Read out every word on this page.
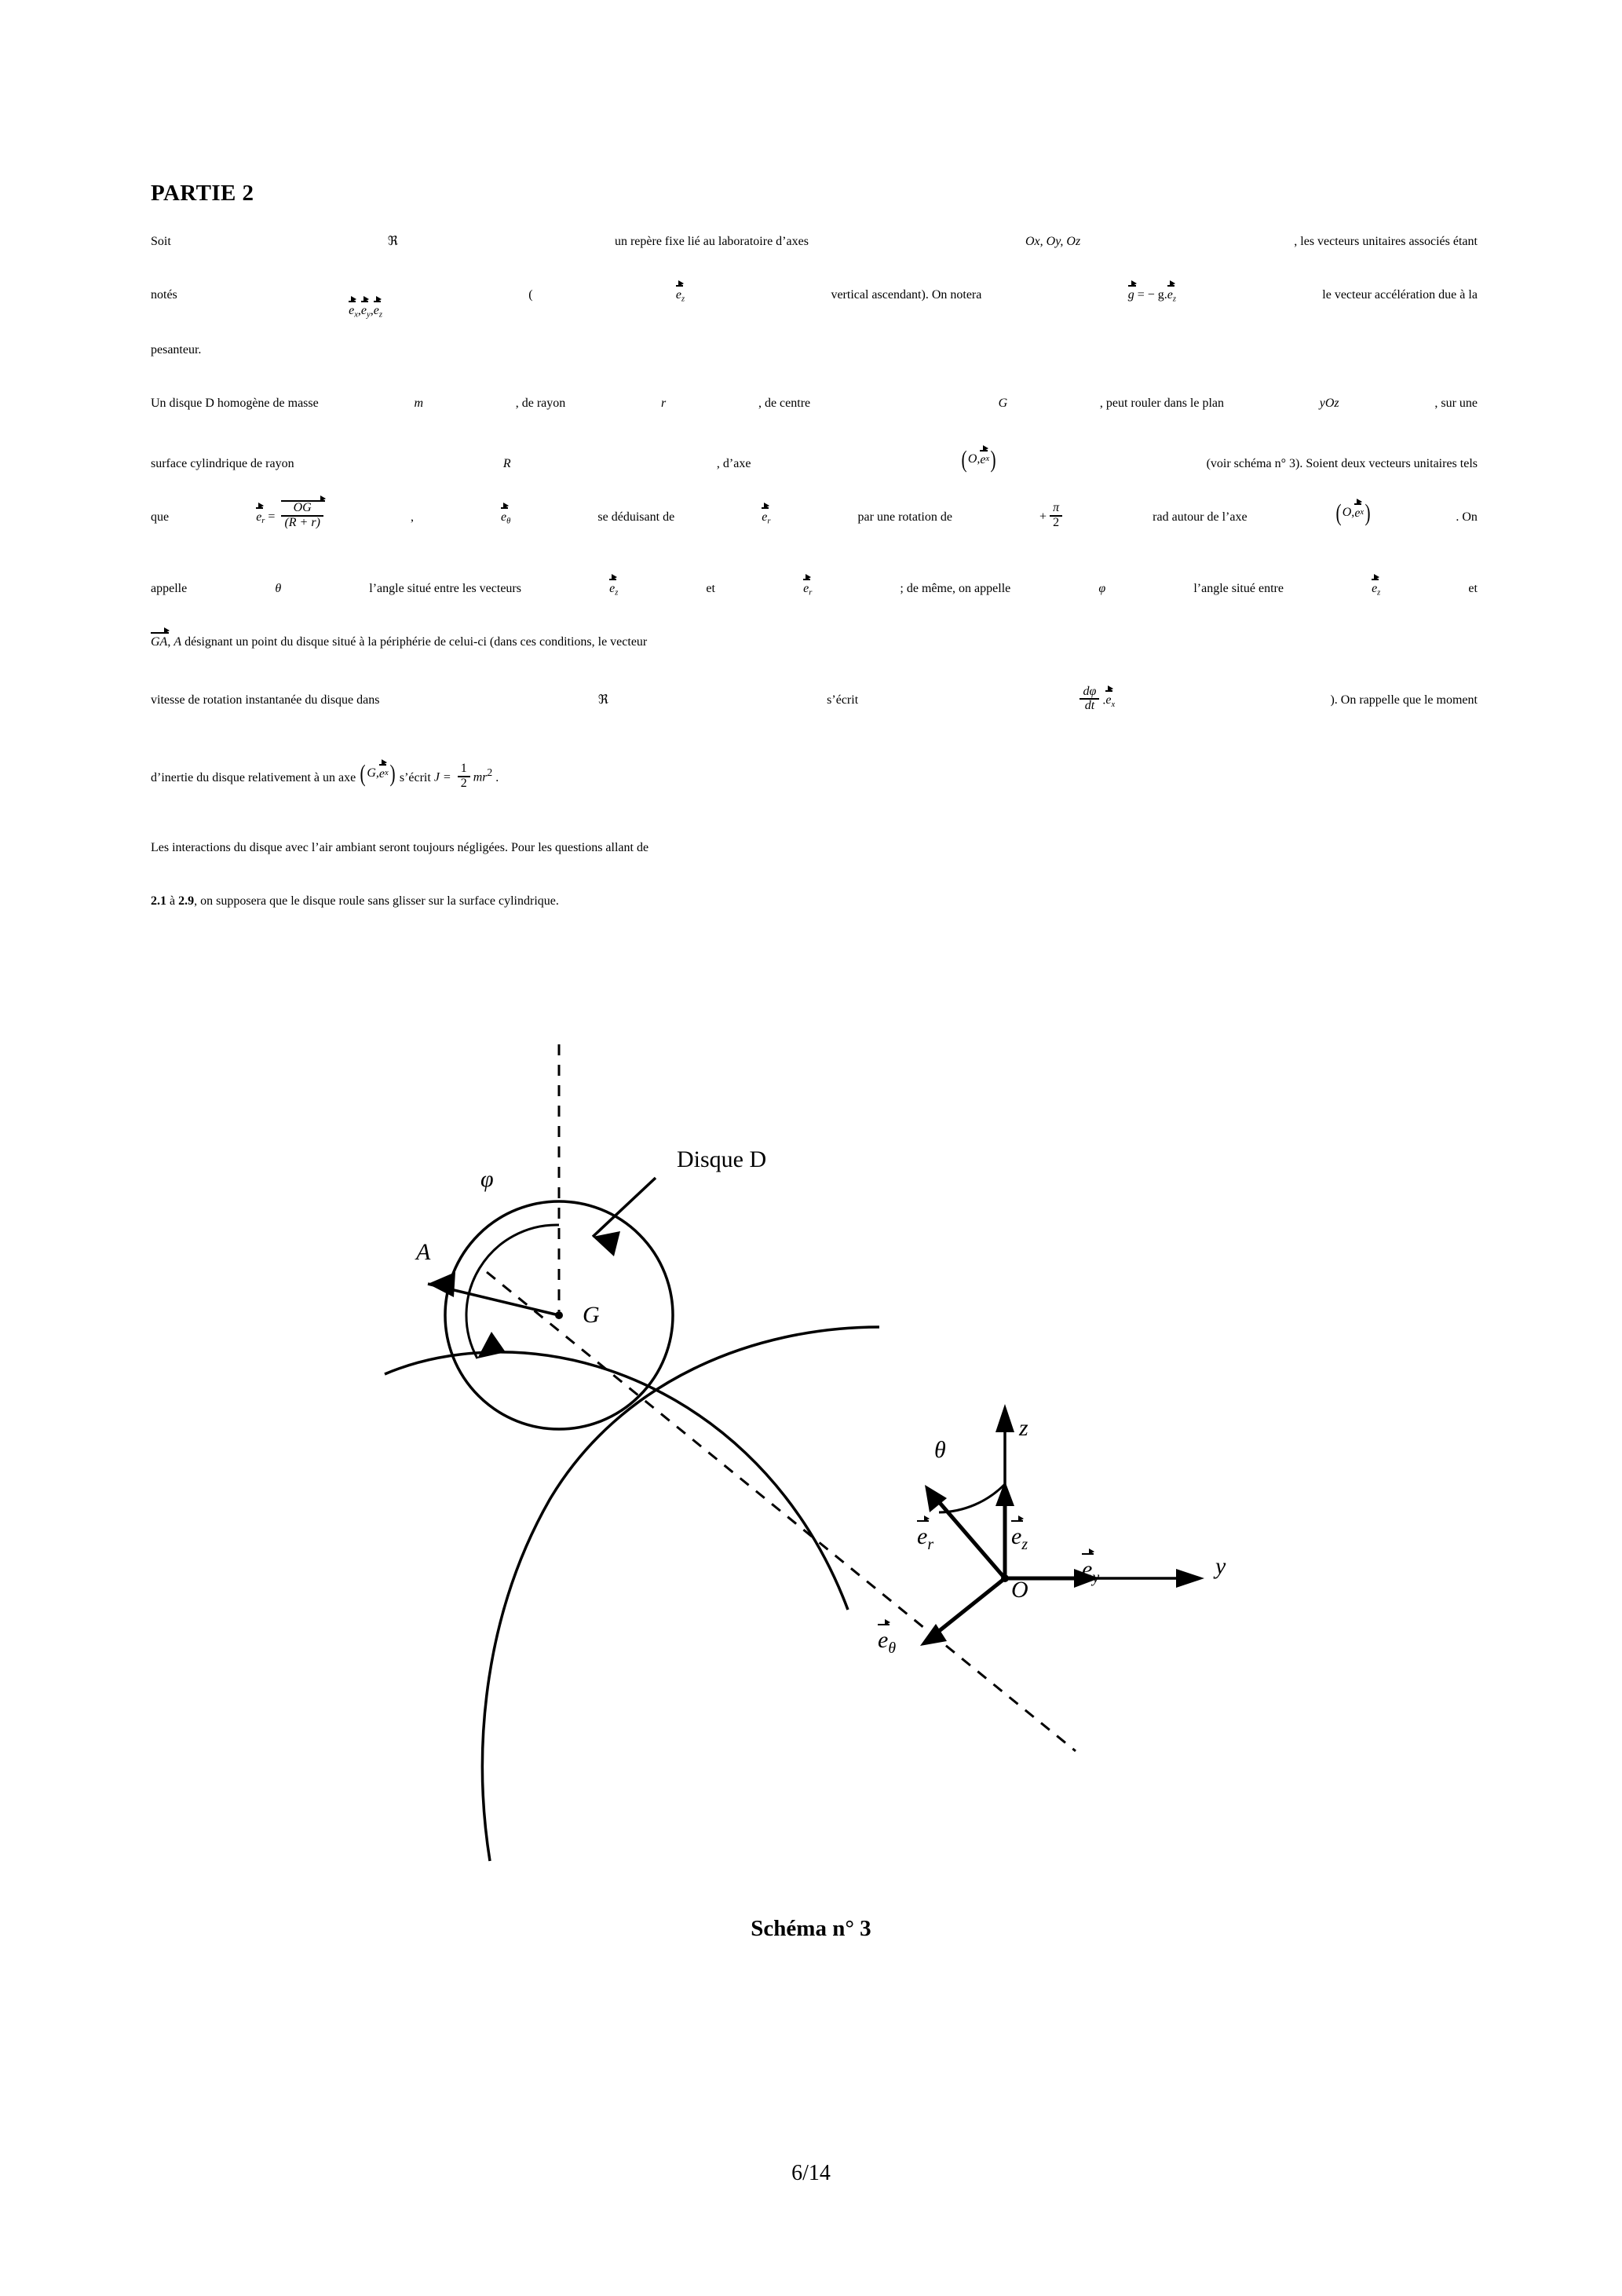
PARTIE 2
Soit	ℜ	un repère fixe lié au laboratoire d’axes	Ox, Oy, Oz	, les vecteurs unitaires associés étant
notés

$e_x,e_y,e_z$

(	$e_z$	vertical ascendant). On notera	g = − $g.e_z$	le vecteur accélération due à la
pesanteur.
Un disque D homogène de masse	m	, de rayon	r	, de centre	G	, peut rouler dans le plan	yOz	, sur une
surface cylindrique de rayon	R	, d’axe	( O, e x )	(voir schéma n° 3). Soient deux vecteurs unitaires tels
que	$e_r = \frac{OG}{(R + r)}$	,	$e_\theta$	se déduisant de	$e_r$	par une rotation de	+ $\frac{\pi}{2}$	rad autour de l’axe	( O, e x )	. On
appelle	θ	l’angle situé entre les vecteurs	$e_z$	et	$e_r$	; de même, on appelle	φ	l’angle situé entre	$e_z$	et
GA , A désignant un point du disque situé à la périphérie de celui-ci (dans ces conditions, le vecteur
vitesse de rotation instantanée du disque dans	ℜ	s’écrit	$\frac{d\varphi}{dt} .e_x$	). On rappelle que le moment
d’inertie du disque relativement à un axe ( G, e x ) s’écrit $J = \frac{1}{2} mr^2$ .
Les interactions du disque avec l’air ambiant seront toujours négligées. Pour les questions allant de
2.1 à 2.9 , on supposera que le disque roule sans glisser sur la surface cylindrique.
Disque D
φ
A
G
θ
z
y
O
$e_r$	$e_z$
$e_y$
$e_\theta$
Schéma n° 3
6/14
